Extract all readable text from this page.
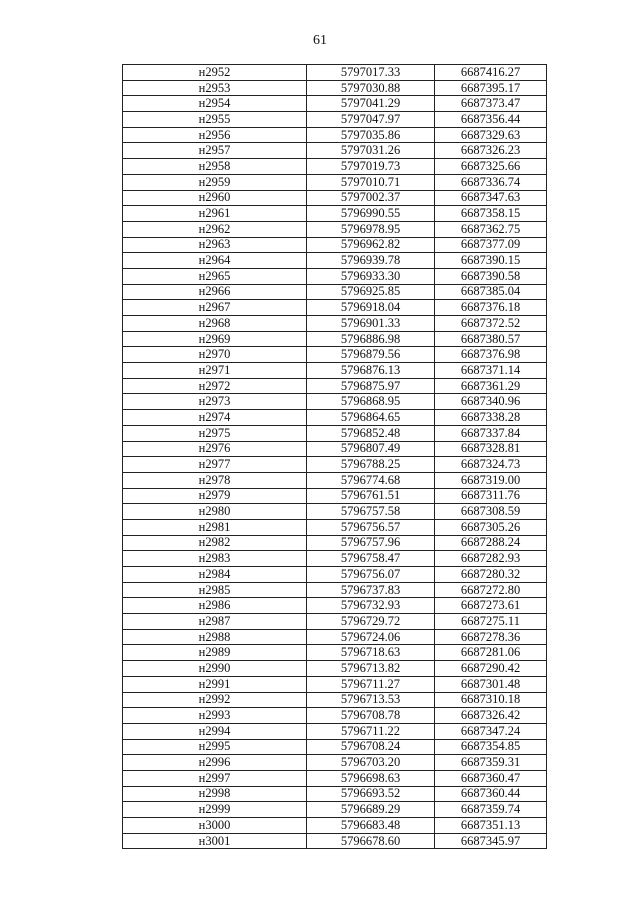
61
н2952	5797017.33	6687416.27
н2953	5797030.88	6687395.17
н2954	5797041.29	6687373.47
н2955	5797047.97	6687356.44
н2956	5797035.86	6687329.63
н2957	5797031.26	6687326.23
н2958	5797019.73	6687325.66
н2959	5797010.71	6687336.74
н2960	5797002.37	6687347.63
н2961	5796990.55	6687358.15
н2962	5796978.95	6687362.75
н2963	5796962.82	6687377.09
н2964	5796939.78	6687390.15
н2965	5796933.30	6687390.58
н2966	5796925.85	6687385.04
н2967	5796918.04	6687376.18
н2968	5796901.33	6687372.52
н2969	5796886.98	6687380.57
н2970	5796879.56	6687376.98
н2971	5796876.13	6687371.14
н2972	5796875.97	6687361.29
н2973	5796868.95	6687340.96
н2974	5796864.65	6687338.28
н2975	5796852.48	6687337.84
н2976	5796807.49	6687328.81
н2977	5796788.25	6687324.73
н2978	5796774.68	6687319.00
н2979	5796761.51	6687311.76
н2980	5796757.58	6687308.59
н2981	5796756.57	6687305.26
н2982	5796757.96	6687288.24
н2983	5796758.47	6687282.93
н2984	5796756.07	6687280.32
н2985	5796737.83	6687272.80
н2986	5796732.93	6687273.61
н2987	5796729.72	6687275.11
н2988	5796724.06	6687278.36
н2989	5796718.63	6687281.06
н2990	5796713.82	6687290.42
н2991	5796711.27	6687301.48
н2992	5796713.53	6687310.18
н2993	5796708.78	6687326.42
н2994	5796711.22	6687347.24
н2995	5796708.24	6687354.85
н2996	5796703.20	6687359.31
н2997	5796698.63	6687360.47
н2998	5796693.52	6687360.44
н2999	5796689.29	6687359.74
н3000	5796683.48	6687351.13
н3001	5796678.60	6687345.97
